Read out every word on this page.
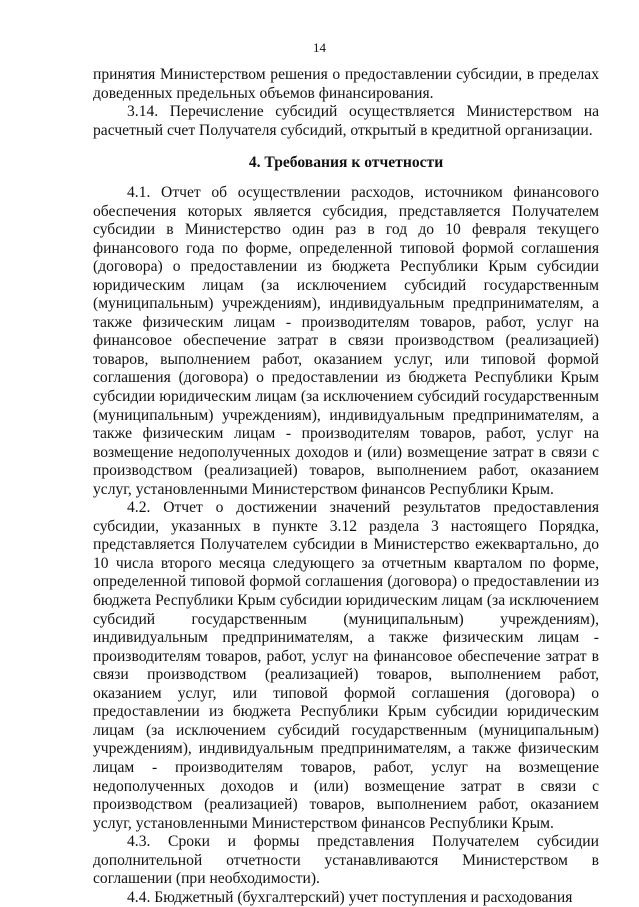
14

принятия Министерством решения о предоставлении субсидии, в пределах доведенных предельных объемов финансирования.

3.14. Перечисление субсидий осуществляется Министерством на расчетный счет Получателя субсидий, открытый в кредитной организации.

4. Требования к отчетности

4.1. Отчет об осуществлении расходов, источником финансового обеспечения которых является субсидия, представляется Получателем субсидии в Министерство один раз в год до 10 февраля текущего финансового года по форме, определенной типовой формой соглашения (договора) о предоставлении из бюджета Республики Крым субсидии юридическим лицам (за исключением субсидий государственным (муниципальным) учреждениям), индивидуальным предпринимателям, а также физическим лицам - производителям товаров, работ, услуг на финансовое обеспечение затрат в связи производством (реализацией) товаров, выполнением работ, оказанием услуг, или типовой формой соглашения (договора) о предоставлении из бюджета Республики Крым субсидии юридическим лицам (за исключением субсидий государственным (муниципальным) учреждениям), индивидуальным предпринимателям, а также физическим лицам - производителям товаров, работ, услуг на возмещение недополученных доходов и (или) возмещение затрат в связи с производством (реализацией) товаров, выполнением работ, оказанием услуг, установленными Министерством финансов Республики Крым.

4.2. Отчет о достижении значений результатов предоставления субсидии, указанных в пункте 3.12 раздела 3 настоящего Порядка, представляется Получателем субсидии в Министерство ежеквартально, до 10 числа второго месяца следующего за отчетным кварталом по форме, определенной типовой формой соглашения (договора) о предоставлении из бюджета Республики Крым субсидии юридическим лицам (за исключением субсидий государственным (муниципальным) учреждениям), индивидуальным предпринимателям, а также физическим лицам - производителям товаров, работ, услуг на финансовое обеспечение затрат в связи производством (реализацией) товаров, выполнением работ, оказанием услуг, или типовой формой соглашения (договора) о предоставлении из бюджета Республики Крым субсидии юридическим лицам (за исключением субсидий государственным (муниципальным) учреждениям), индивидуальным предпринимателям, а также физическим лицам - производителям товаров, работ, услуг на возмещение недополученных доходов и (или) возмещение затрат в связи с производством (реализацией) товаров, выполнением работ, оказанием услуг, установленными Министерством финансов Республики Крым.

4.3. Сроки и формы представления Получателем субсидии дополнительной отчетности устанавливаются Министерством в соглашении (при необходимости).

4.4. Бюджетный (бухгалтерский) учет поступления и расходования
